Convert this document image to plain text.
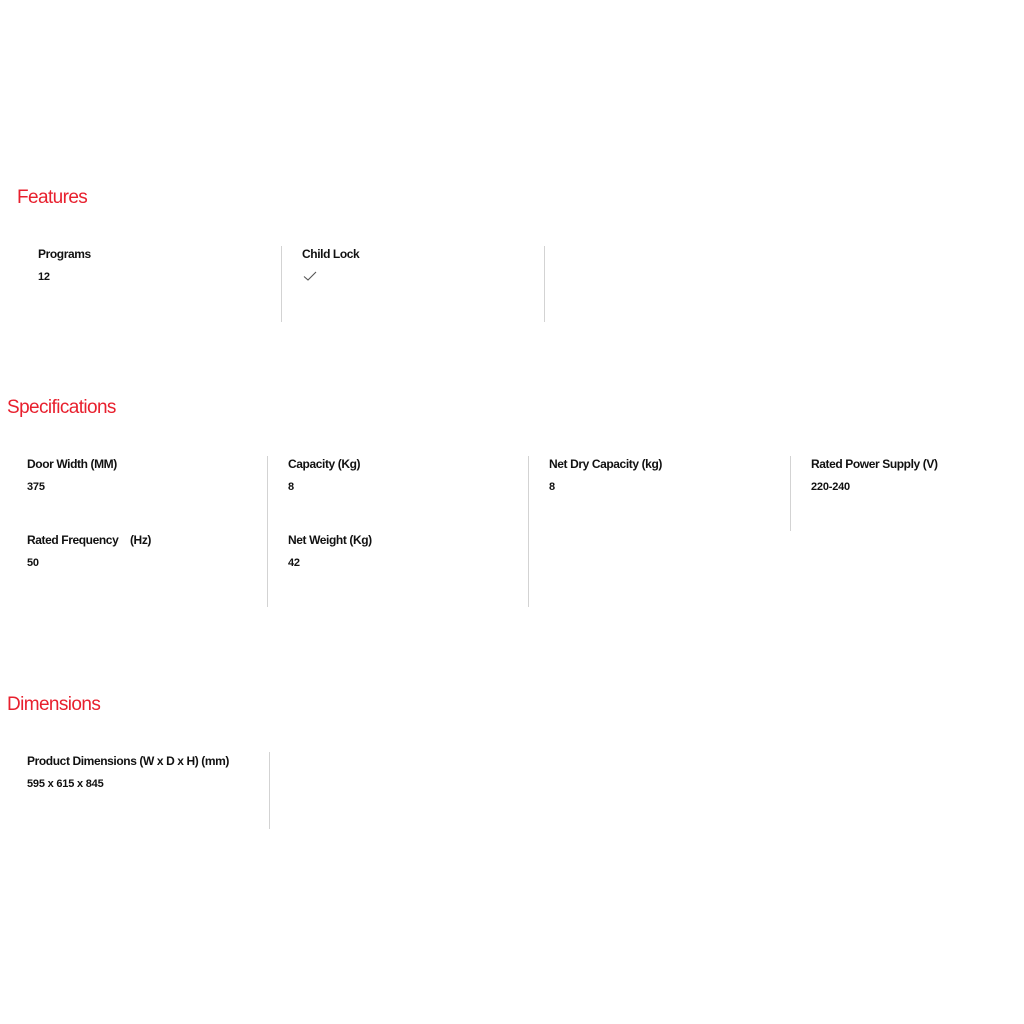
Features
Programs
12
Child Lock
Specifications
Door Width (MM)
375
Capacity (Kg)
8
Net Dry Capacity (kg)
8
Rated Power Supply (V)
220-240
Rated Frequency　(Hz)
50
Net Weight (Kg)
42
Dimensions
Product Dimensions (W x D x H) (mm)
595 x 615 x 845
